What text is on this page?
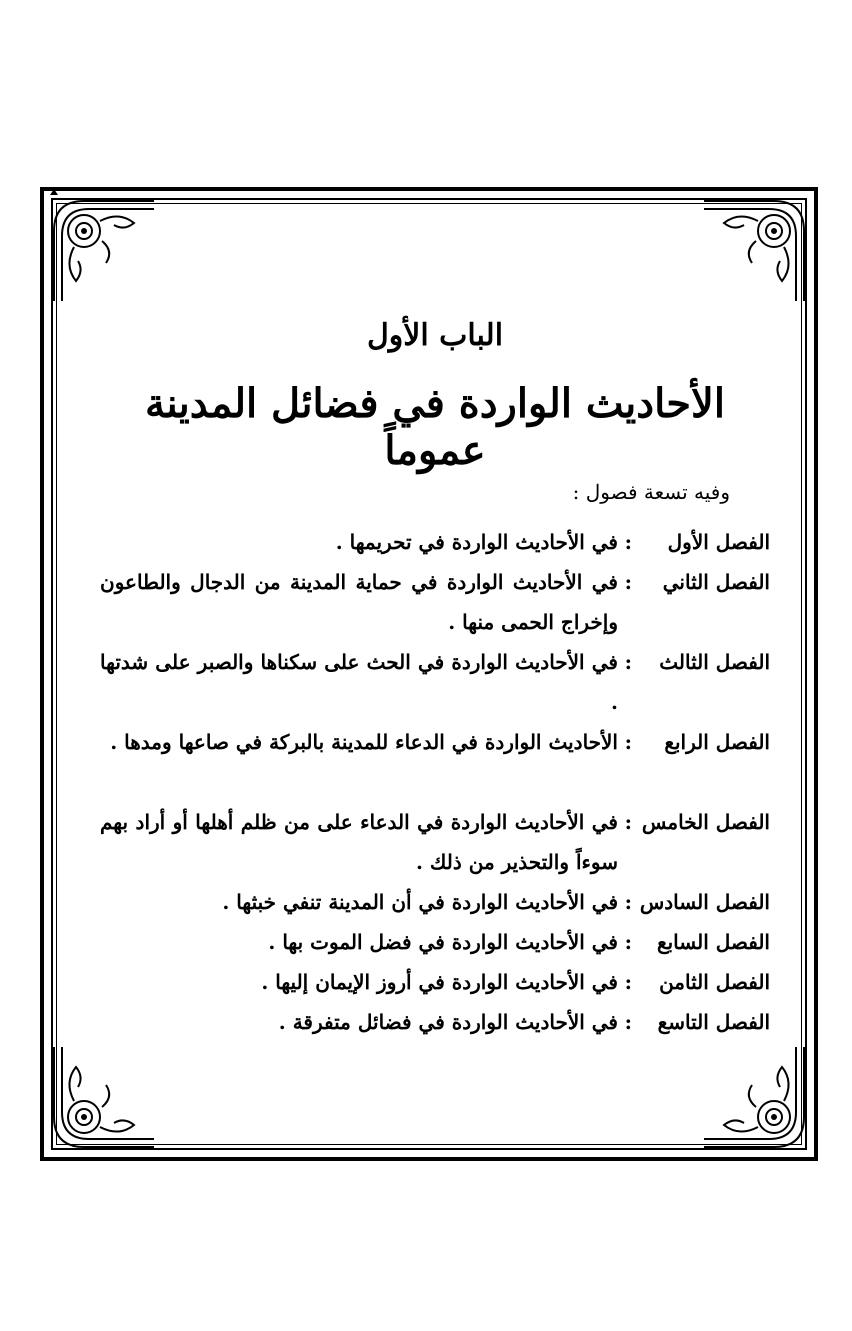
الباب الأول
الأحاديث الواردة في فضائل المدينة عموماً
وفيه تسعة فصول :
الفصل الأول
:
في الأحاديث الواردة في تحريمها .
الفصل الثاني
:
في الأحاديث الواردة في حماية المدينة من الدجال والطاعون وإخراج الحمى منها .
الفصل الثالث
:
في الأحاديث الواردة في الحث على سكناها والصبر على شدتها .
الفصل الرابع
:
الأحاديث الواردة في الدعاء للمدينة بالبركة في صاعها ومدها .
الفصل الخامس
:
في الأحاديث الواردة في الدعاء على من ظلم أهلها أو أراد بهم سوءاً والتحذير من ذلك .
الفصل السادس
:
في الأحاديث الواردة في أن المدينة تنفي خبثها .
الفصل السابع
:
في الأحاديث الواردة في فضل الموت بها .
الفصل الثامن
:
في الأحاديث الواردة في أروز الإيمان إليها .
الفصل التاسع
:
في الأحاديث الواردة في فضائل متفرقة .
